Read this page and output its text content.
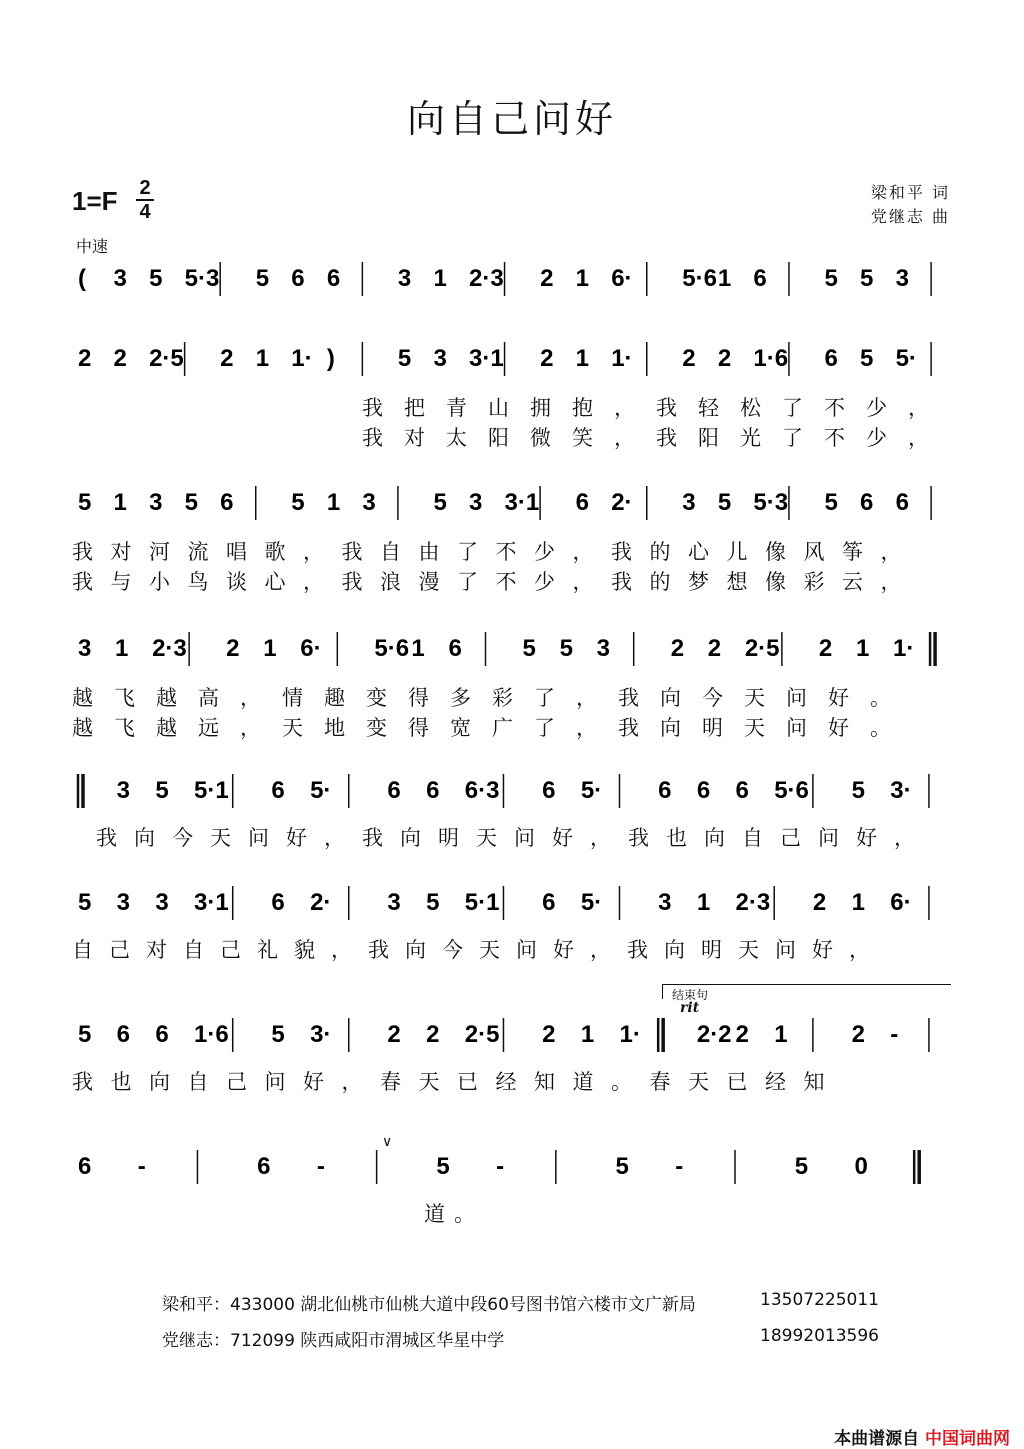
向自己问好
1=F 2
4
梁和平 词
党继志 曲
中速
( 3 5 5·3 5 6 6 3 1 2·3 2 1 6· 5·6 1 6 5 5 3
2 2 2·5 2 1 1· )	5 3 3·1 2 1 1· 2 2 1·6 6 5 5·
5 1 3 5 6 5 1 3 5 3 3·1 6 2· 3 5 5·3 5 6 6
3 1 2·3 2 1 6· 5·6 1 6	5 5 3	2 2 2·5 2 1 1·
3 5 5·1 6 5· 6 6 6·3 6 5· 6 6 6 5·6 5 3·
5 3 3 3·1 6 2· 3 5 5·1 6 5· 3 1 2·3 2 1 6·
5 6 6 1·6 5 3· 2 2 2·5 2 1 1· 2·2 2 1	2 -
6 -	6 -	5 -	5 -	5 0
结束句
rit
∨
我 把 青 山 拥 抱 ， 我 轻 松 了 不 少 ，
我 对 太 阳 微 笑 ， 我 阳 光 了 不 少 ，
我 对 河 流 唱 歌 ， 我 自 由 了 不 少 ， 我 的 心 儿 像 风 筝 ，
我 与 小 鸟 谈 心 ， 我 浪 漫 了 不 少 ， 我 的 梦 想 像 彩 云 ，
越 飞 越 高 ， 情 趣 变 得 多 彩 了 ， 我 向 今 天 问 好 。
越 飞 越 远 ， 天 地 变 得 宽 广 了 ， 我 向 明 天 问 好 。
我 向 今 天 问 好 ， 我 向 明 天 问 好 ， 我 也 向 自 己 问 好 ，
自 己 对 自 己 礼 貌 ， 我 向 今 天 问 好 ， 我 向 明 天 问 好 ，
我 也 向 自 己 问 好 ， 春 天 已 经 知 道 。 春 天 已 经 知
道 。
梁和平：433000 湖北仙桃市仙桃大道中段60号图书馆六楼市文广新局	13507225011
党继志：712099 陕西咸阳市渭城区华星中学	18992013596
本曲谱源自 中国词曲网
